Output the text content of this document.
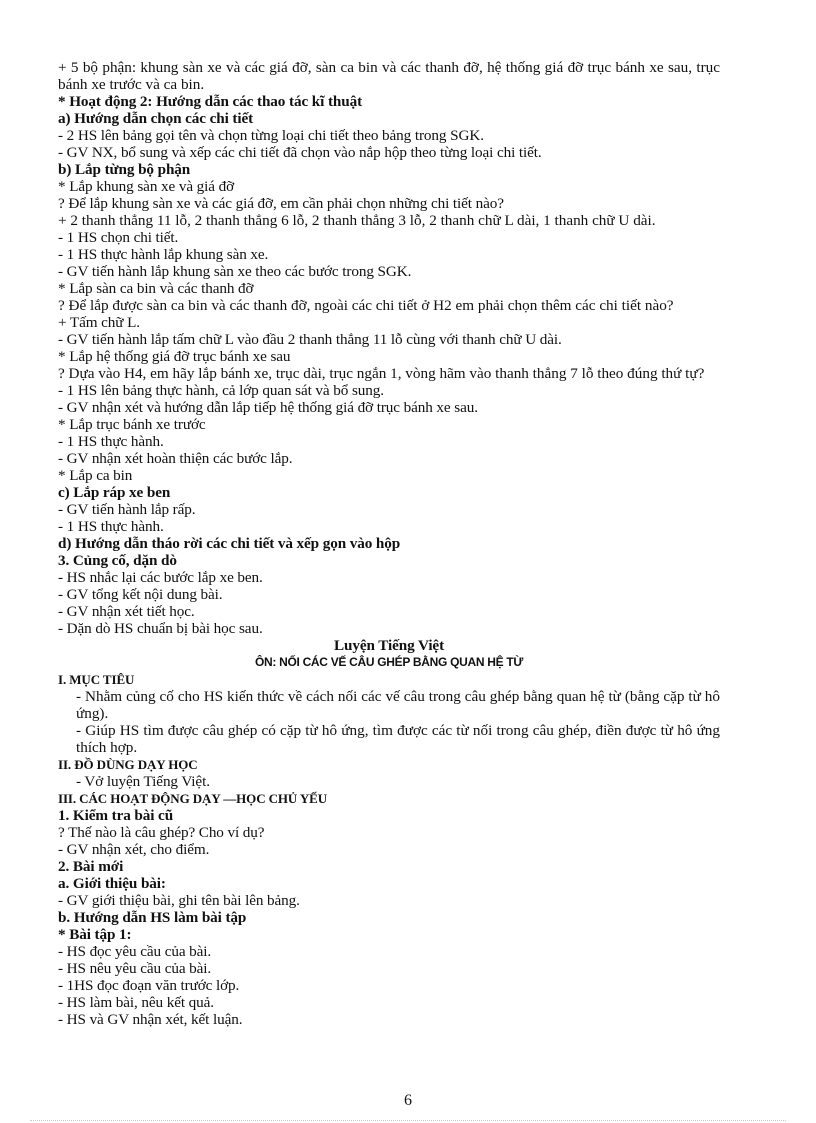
+ 5 bộ phận: khung sàn xe và các giá đỡ, sàn ca bin và các thanh đỡ, hệ thống giá đỡ trục bánh xe sau, trục bánh xe trước và ca bin.
* Hoạt động 2: Hướng dẫn các thao tác kĩ thuật
a) Hướng dẫn chọn các chi tiết
- 2 HS lên bảng gọi tên và chọn từng loại chi tiết theo bảng trong SGK.
- GV NX, bổ sung và xếp các chi tiết đã chọn vào nắp hộp theo từng loại chi tiết.
b) Lắp từng bộ phận
* Lắp khung sàn xe và giá đỡ
? Để lắp khung sàn xe và các giá đỡ, em cần phải chọn những chi tiết nào?
+ 2 thanh thẳng 11 lỗ, 2 thanh thẳng 6 lỗ, 2 thanh thẳng 3 lỗ, 2 thanh chữ L dài, 1 thanh chữ U dài.
- 1 HS chọn chi tiết.
- 1 HS thực hành lắp khung sàn xe.
- GV tiến hành lắp khung sàn xe theo các bước trong SGK.
* Lắp sàn ca bin và các thanh đỡ
? Để lắp được sàn ca bin và các thanh đỡ, ngoài các chi tiết ở H2 em phải chọn thêm các chi tiết nào?
+ Tấm chữ L.
- GV tiến hành lắp tấm chữ L vào đầu 2 thanh thẳng 11 lỗ cùng với thanh chữ U dài.
* Lắp hệ thống giá đỡ trục bánh xe sau
? Dựa vào H4, em hãy lắp bánh xe, trục dài, trục ngắn 1, vòng hãm vào thanh thẳng 7 lỗ theo đúng thứ tự?
- 1 HS lên bảng thực hành, cả lớp quan sát và bổ sung.
- GV nhận xét và hướng dẫn lắp tiếp hệ thống giá đỡ trục bánh xe sau.
* Lắp trục bánh xe trước
- 1 HS thực hành.
- GV nhận xét hoàn thiện các bước lắp.
* Lắp ca bin
c) Lắp ráp xe ben
- GV tiến hành lắp rấp.
- 1 HS thực hành.
d) Hướng dẫn tháo rời các chi tiết và xếp gọn vào hộp
3. Củng cố, dặn dò
- HS nhắc lại các bước lắp xe ben.
- GV tổng kết nội dung bài.
- GV nhận xét tiết học.
- Dặn dò HS chuẩn bị bài học sau.
Luyện Tiếng Việt
ÔN: NỐI CÁC VẾ CÂU GHÉP BẰNG QUAN HỆ TỪ
I. MỤC TIÊU
- Nhằm củng cố cho HS kiến thức về cách nối các vế câu trong câu ghép bằng quan hệ từ (bằng cặp từ hô ứng).
- Giúp HS tìm được câu ghép có cặp từ hô ứng, tìm được các từ nối trong câu ghép, điền được từ hô ứng thích hợp.
II. ĐỒ DÙNG DẠY HỌC
- Vở luyện Tiếng Việt.
III. CÁC HOẠT ĐỘNG DẠY —HỌC CHỦ YẾU
1. Kiểm tra bài cũ
? Thế nào là câu ghép? Cho ví dụ?
- GV nhận xét, cho điểm.
2. Bài mới
a. Giới thiệu bài:
- GV giới thiệu bài, ghi tên bài lên bảng.
b. Hướng dẫn HS làm bài tập
* Bài tập 1:
- HS đọc yêu cầu của bài.
- HS nêu yêu cầu của bài.
- 1HS đọc đoạn văn trước lớp.
- HS làm bài, nêu kết quả.
- HS và GV nhận xét, kết luận.
6
